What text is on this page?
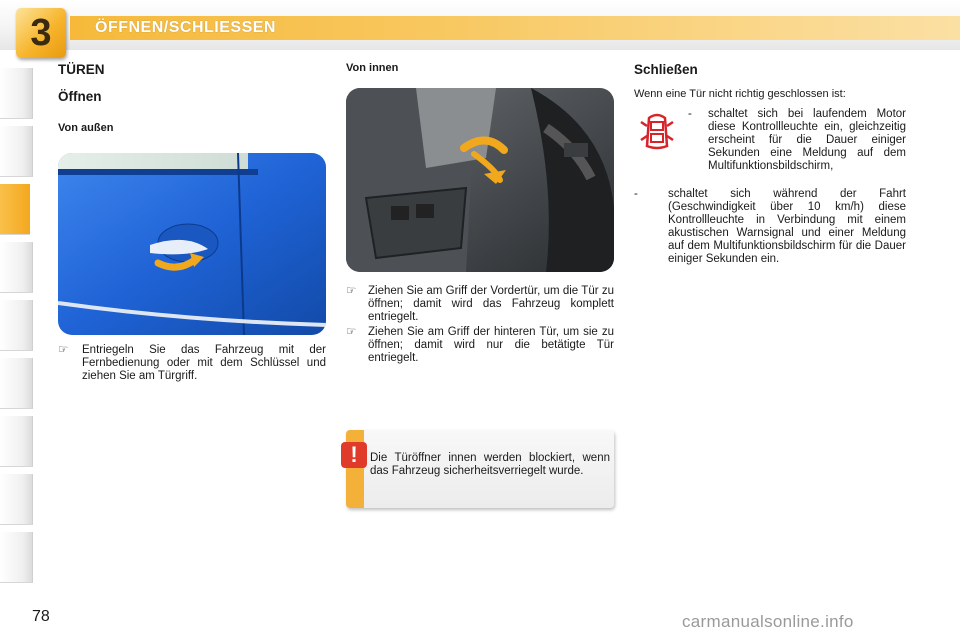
3	ÖFFNEN/SCHLIESSEN
TÜREN
Öffnen
Von außen
☞	Entriegeln Sie das Fahrzeug mit der Fernbedienung oder mit dem Schlüssel und ziehen Sie am Türgriff.
Von innen
☞	Ziehen Sie am Griff der Vordertür, um die Tür zu öffnen; damit wird das Fahrzeug komplett entriegelt.
☞	Ziehen Sie am Griff der hinteren Tür, um sie zu öffnen; damit wird nur die betätigte Tür entriegelt.
!	Die Türöffner innen werden blockiert, wenn das Fahrzeug sicherheitsverriegelt wurde.
Schließen
Wenn eine Tür nicht richtig geschlossen ist:
-	schaltet sich bei laufendem Motor diese Kontrollleuchte ein, gleichzeitig erscheint für die Dauer einiger Sekunden eine Meldung auf dem Multifunktionsbildschirm,
-	schaltet sich während der Fahrt (Geschwindigkeit über 10 km/h) diese Kontrollleuchte in Verbindung mit einem akustischen Warnsignal und einer Meldung auf dem Multifunktionsbildschirm für die Dauer einiger Sekunden ein.
78	carmanualsonline.info
